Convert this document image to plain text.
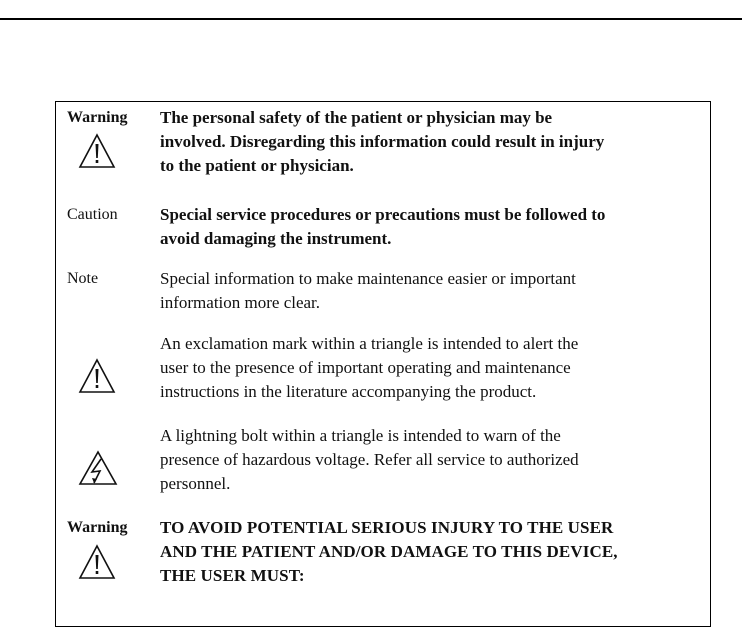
Warning The personal safety of the patient or physician may be
involved. Disregarding this information could result in injury
to the patient or physician.
Caution Special service procedures or precautions must be followed to
avoid damaging the instrument.
Note	Special information to make maintenance easier or important
information more clear.
An exclamation mark within a triangle is intended to alert the
user to the presence of important operating and maintenance
instructions in the literature accompanying the product.
A lightning bolt within a triangle is intended to warn of the
presence of hazardous voltage. Refer all service to authorized
personnel.
Warning TO AVOID POTENTIAL SERIOUS INJURY TO THE USER
AND THE PATIENT AND/OR DAMAGE TO THIS DEVICE,
THE USER MUST:
